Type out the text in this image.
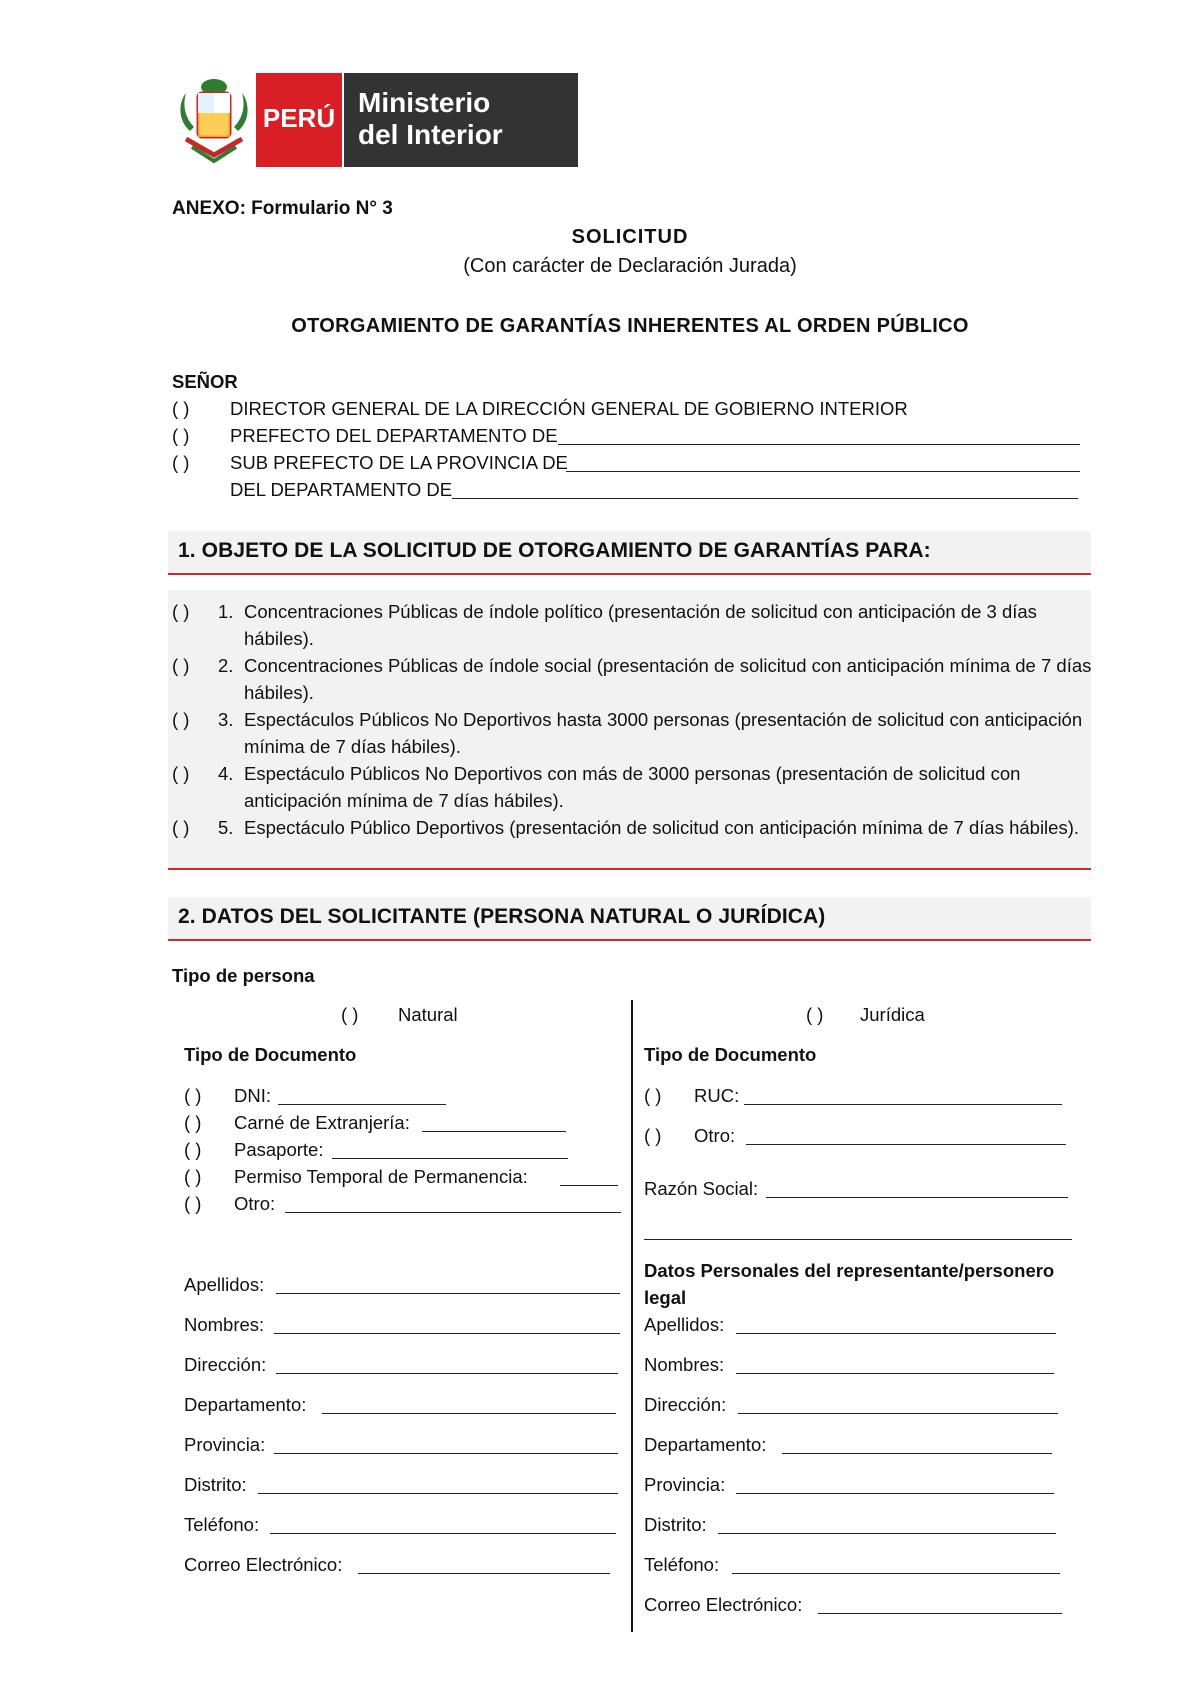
PERÚ Ministerio
del Interior
ANEXO: Formulario N° 3
SOLICITUD
(Con carácter de Declaración Jurada)
OTORGAMIENTO DE GARANTÍAS INHERENTES AL ORDEN PÚBLICO
SEÑOR
( ) DIRECTOR GENERAL DE LA DIRECCIÓN GENERAL DE GOBIERNO INTERIOR
( ) PREFECTO DEL DEPARTAMENTO DE
( ) SUB PREFECTO DE LA PROVINCIA DE
DEL DEPARTAMENTO DE
1. OBJETO DE LA SOLICITUD DE OTORGAMIENTO DE GARANTÍAS PARA:
( ) 1. Concentraciones Públicas de índole político (presentación de solicitud con anticipación de 3 días hábiles).
( ) 2. Concentraciones Públicas de índole social (presentación de solicitud con anticipación mínima de 7 días hábiles).
( ) 3. Espectáculos Públicos No Deportivos hasta 3000 personas (presentación de solicitud con anticipación mínima de 7 días hábiles).
( ) 4. Espectáculo Públicos No Deportivos con más de 3000 personas (presentación de solicitud con anticipación mínima de 7 días hábiles).
( ) 5. Espectáculo Público Deportivos (presentación de solicitud con anticipación mínima de 7 días hábiles).
2. DATOS DEL SOLICITANTE (PERSONA NATURAL O JURÍDICA)
Tipo de persona
( ) Natural
Tipo de Documento
( ) DNI:
( ) Carné de Extranjería:
( ) Pasaporte:
( ) Permiso Temporal de Permanencia:
( ) Otro:
Apellidos:
Nombres:
Dirección:
Departamento:
Provincia:
Distrito:
Teléfono:
Correo Electrónico:
( ) Jurídica
Tipo de Documento
( ) RUC:
( ) Otro:
Razón Social:
Datos Personales del representante/personero
legal
Apellidos:
Nombres:
Dirección:
Departamento:
Provincia:
Distrito:
Teléfono:
Correo Electrónico:
